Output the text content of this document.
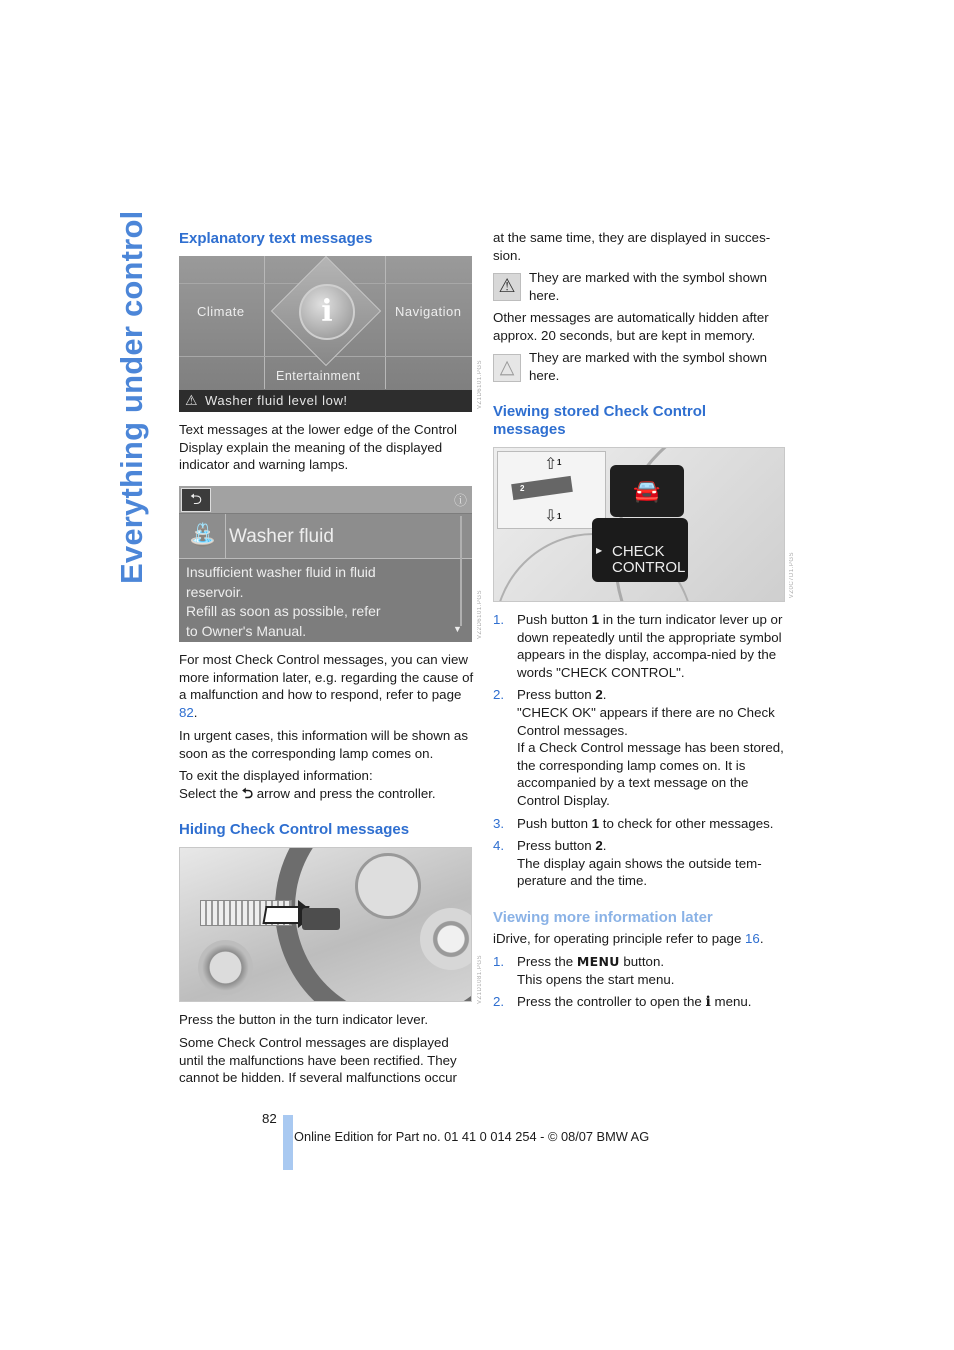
Everything under control Explanatory text messages
Climate	Navigation
Entertainment
i
⚠ Washer fluid level low!	VZ1D6101.PGS
Text messages at the lower edge of the Control Display explain the meaning of the displayed indicator and warning lamps.
⮌	ⓘ
⛲ Washer fluid
Insufficient washer fluid in fluid
reservoir.
Refill as soon as possible, refer
to Owner's Manual.	▼	VZ2D6101.PGS
For most Check Control messages, you can view more information later, e.g. regarding the cause of a malfunction and how to respond, refer to page 82.
In urgent cases, this information will be shown as soon as the corresponding lamp comes on.
To exit the displayed information:
Select the ⮌ arrow and press the controller.
Hiding Check Control messages
VZ1D1081.PGS
Press the button in the turn indicator lever.
Some Check Control messages are displayed until the malfunctions have been rectified. They cannot be hidden. If several malfunctions occur
at the same time, they are displayed in succes-sion.
⚠	They are marked with the symbol shown here.
Other messages are automatically hidden after approx. 20 seconds, but are kept in memory.
△	They are marked with the symbol shown here.
Viewing stored Check Control messages
⇧
⇩
1
1
2	🚘
▶ CHECK
CONTROL	VZ0C7D1.PGS
1. Push button 1 in the turn indicator lever up or down repeatedly until the appropriate symbol appears in the display, accompa-nied by the words "CHECK CONTROL".
2. Press button 2.
"CHECK OK" appears if there are no Check Control messages.
If a Check Control message has been stored, the corresponding lamp comes on. It is accompanied by a text message on the Control Display.
3. Push button 1 to check for other messages.
4. Press button 2.
The display again shows the outside tem-perature and the time.
Viewing more information later
iDrive, for operating principle refer to page 16.
1. Press the MENU button.
This opens the start menu.
2. Press the controller to open the i menu.
82
Online Edition for Part no. 01 41 0 014 254 - © 08/07 BMW AG
